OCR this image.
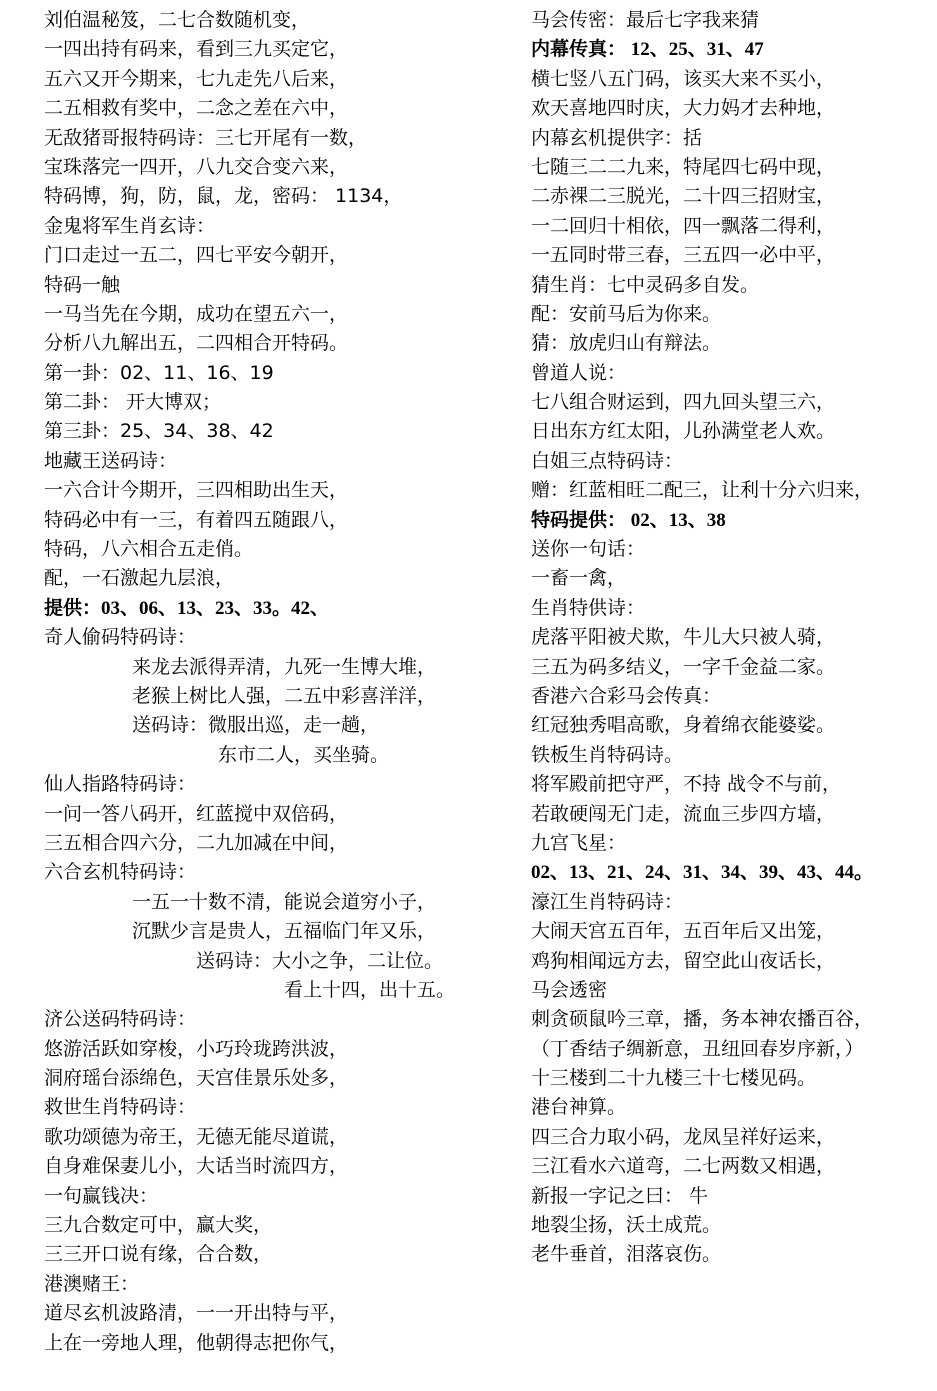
刘伯温秘笈，二七合数随机变，
一四出持有码来，看到三九买定它，
五六又开今期来，七九走先八后来，
二五相救有奖中，二念之差在六中，
无敌猪哥报特码诗：三七开尾有一数，
宝珠落完一四开，八九交合变六来，
特码博，狗，防，鼠，龙，密码： 1134，
金鬼将军生肖玄诗：
门口走过一五二，四七平安今朝开，
特码一触
一马当先在今期，成功在望五六一，
分析八九解出五，二四相合开特码。
第一卦：02、11、16、19
第二卦： 开大博双；
第三卦：25、34、38、42
地藏王送码诗：
一六合计今期开，三四相助出生天，
特码必中有一三，有着四五随跟八，
特码，八六相合五走俏。
配，一石激起九层浪，
提供：03、06、13、23、33。42、
奇人偷码特码诗：
来龙去派得弄清，九死一生博大堆，
老猴上树比人强，二五中彩喜洋洋，
送码诗：微服出巡，走一趟，
东市二人，买坐骑。
仙人指路特码诗：
一问一答八码开，红蓝搅中双倍码，
三五相合四六分，二九加减在中间，
六合玄机特码诗：
一五一十数不清，能说会道穷小子，
沉默少言是贵人，五福临门年又乐，
送码诗：大小之争，二让位。
看上十四，出十五。
济公送码特码诗：
悠游活跃如穿梭，小巧玲珑跨洪波，
洞府瑶台添绵色，天宫佳景乐处多，
救世生肖特码诗：
歌功颂德为帝王，无德无能尽道谎，
自身难保妻儿小，大话当时流四方，
一句赢钱决：
三九合数定可中，赢大奖，
三三开口说有缘，合合数，
港澳赌王：
道尽玄机波路清，一一开出特与平，
上在一旁地人理，他朝得志把你气，
马会传密：最后七字我来猜
内幕传真： 12、25、31、47
横七竖八五门码，该买大来不买小，
欢天喜地四时庆，大力妈才去种地，
内幕玄机提供字：括
七随三二二九来，特尾四七码中现，
二赤裸二三脱光，二十四三招财宝，
一二回归十相依，四一飘落二得利，
一五同时带三春，三五四一必中平，
猜生肖：七中灵码多自发。
配：安前马后为你来。
猜：放虎归山有辩法。
曾道人说：
七八组合财运到，四九回头望三六，
日出东方红太阳，儿孙满堂老人欢。
白姐三点特码诗：
赠：红蓝相旺二配三，让利十分六归来，
特码提供： 02、13、38
送你一句话：
一畜一禽，
生肖特供诗：
虎落平阳被犬欺，牛儿大只被人骑，
三五为码多结义，一字千金益二家。
香港六合彩马会传真：
红冠独秀唱高歌，身着绵衣能婆娑。
铁板生肖特码诗。
将军殿前把守严，不持 战令不与前，
若敢硬闯无门走，流血三步四方墙，
九宫飞星：
02、13、21、24、31、34、39、43、44。
濠江生肖特码诗：
大闹天宫五百年，五百年后又出笼，
鸡狗相闻远方去，留空此山夜话长，
马会透密
刺贪硕鼠吟三章，播，务本神农播百谷，
（丁香结子绸新意，丑纽回春岁序新，）
十三楼到二十九楼三十七楼见码。
港台神算。
四三合力取小码，龙凤呈祥好运来，
三江看水六道弯，二七两数又相遇，
新报一字记之曰： 牛
地裂尘扬，沃土成荒。
老牛垂首，泪落哀伤。
